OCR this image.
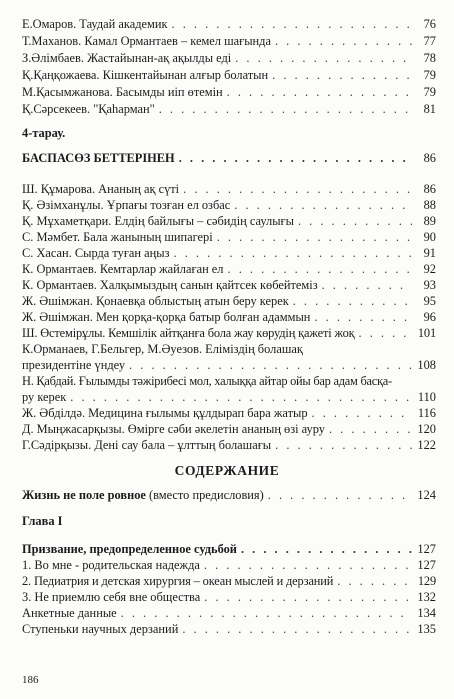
Е.Омаров. Таудай академик . . .	76
Т.Маханов. Камал Ормантаев – кемел шағында . . .	77
З.Әлімбаев. Жастайынан-ақ ақылды еді . . .	78
Қ.Қаңқожаева. Кішкентайынан алғыр болатын . . .	79
М.Қасымжанова. Басымды иіп өтемін . . .	79
Қ.Сәрсекеев. "Қаһарман" . . .	81
4-тарау.
БАСПАСӨЗ БЕТТЕРІНЕН . . .	86
Ш. Құмарова. Ананың ақ сүті . . .	86
Қ. Әзімханұлы. Ұрпағы тозған ел озбас . . .	88
Қ. Мұхаметқари. Елдің байлығы – сәбидің саулығы . . .	89
С. Мәмбет. Бала жанының шипагері . . .	90
С. Хасан. Сырда туған аңыз . . .	91
К. Ормантаев. Кемтарлар жайлаған ел . . .	92
К. Ормантаев. Халқымыздың санын қайтсек көбейтеміз . . .	93
Ж. Әшімжан. Қонаевқа облыстың атын беру керек . . .	95
Ж. Әшімжан. Мен қорқа-қорқа батыр болған адаммын . . .	96
Ш. Өстемірұлы. Кемшілік айтқанға бола жау көрудің қажеті жоқ . . .	101
К.Орманаев, Г.Бельгер, М.Әуезов. Еліміздің болашақ
президентіне үндеу . . .	108
Н. Қабдай. Ғылымды тәжірибесі мол, халыққа айтар ойы бар адам басқа-
ру керек . . .	110
Ж. Әбділдә. Медицина ғылымы құлдырап бара жатыр . . .	116
Д. Мыңжасарқызы. Өмірге сәби әкелетін ананың өзі ауру . . .	120
Г.Сәдірқызы. Дені сау бала – ұлттың болашағы . . .	122
СОДЕРЖАНИЕ
Жизнь не поле ровное (вместо предисловия) . . .	124
Глава I
Призвание, предопределенное судьбой . . .	127
1. Во мне - родительская надежда . . .	127
2. Педиатрия и детская хирургия – океан мыслей и дерзаний . . .	129
3. Не приемлю себя вне общества . . .	132
Анкетные данные . . .	134
Ступеньки научных дерзаний . . .	135
186
